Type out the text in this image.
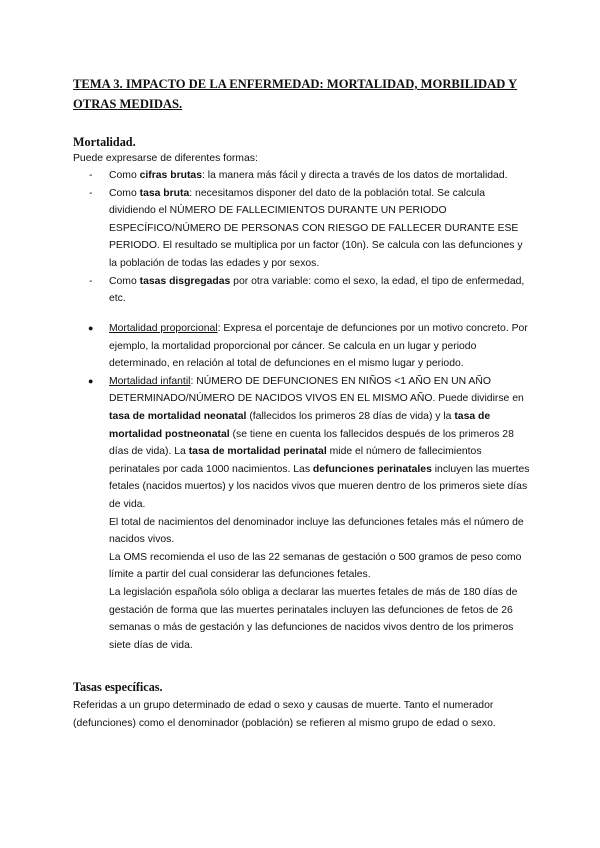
TEMA 3. IMPACTO DE LA ENFERMEDAD: MORTALIDAD, MORBILIDAD Y OTRAS MEDIDAS.
Mortalidad.
Puede expresarse de diferentes formas:
- Como cifras brutas: la manera más fácil y directa a través de los datos de mortalidad.
- Como tasa bruta: necesitamos disponer del dato de la población total. Se calcula dividiendo el NÚMERO DE FALLECIMIENTOS DURANTE UN PERIODO ESPECÍFICO/NÚMERO DE PERSONAS CON RIESGO DE FALLECER DURANTE ESE PERIODO. El resultado se multiplica por un factor (10n). Se calcula con las defunciones y la población de todas las edades y por sexos.
- Como tasas disgregadas por otra variable: como el sexo, la edad, el tipo de enfermedad, etc.
● Mortalidad proporcional: Expresa el porcentaje de defunciones por un motivo concreto. Por ejemplo, la mortalidad proporcional por cáncer. Se calcula en un lugar y periodo determinado, en relación al total de defunciones en el mismo lugar y periodo.
● Mortalidad infantil: NÚMERO DE DEFUNCIONES EN NIÑOS <1 AÑO EN UN AÑO DETERMINADO/NÚMERO DE NACIDOS VIVOS EN EL MISMO AÑO. Puede dividirse en tasa de mortalidad neonatal (fallecidos los primeros 28 días de vida) y la tasa de mortalidad postneonatal (se tiene en cuenta los fallecidos después de los primeros 28 días de vida). La tasa de mortalidad perinatal mide el número de fallecimientos perinatales por cada 1000 nacimientos. Las defunciones perinatales incluyen las muertes fetales (nacidos muertos) y los nacidos vivos que mueren dentro de los primeros siete días de vida.
El total de nacimientos del denominador incluye las defunciones fetales más el número de nacidos vivos.
La OMS recomienda el uso de las 22 semanas de gestación o 500 gramos de peso como límite a partir del cual considerar las defunciones fetales.
La legislación española sólo obliga a declarar las muertes fetales de más de 180 días de gestación de forma que las muertes perinatales incluyen las defunciones de fetos de 26 semanas o más de gestación y las defunciones de nacidos vivos dentro de los primeros siete días de vida.
Tasas específicas.
Referidas a un grupo determinado de edad o sexo y causas de muerte. Tanto el numerador (defunciones) como el denominador (población) se refieren al mismo grupo de edad o sexo.
